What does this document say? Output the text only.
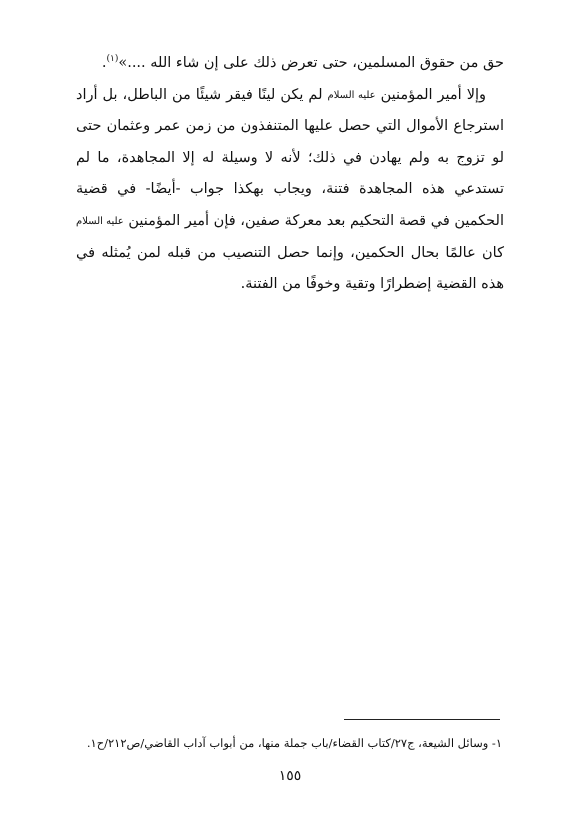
حق من حقوق المسلمين، حتى تعرض ذلك على إن شاء الله ....»$^{(١)}$.

وإلا أمير المؤمنين عليه السلام لم يكن لينًا فيقر شيئًا من الباطل، بل أراد استرجاع الأموال التي حصل عليها المتنفذون من زمن عمر وعثمان حتى لو تزوج به ولم يهادن في ذلك؛ لأنه لا وسيلة له إلا المجاهدة، ما لم تستدعي هذه المجاهدة فتنة، ويجاب بهكذا جواب -أيضًا- في قضية الحكمين في قصة التحكيم بعد معركة صفين، فإن أمير المؤمنين عليه السلام كان عالمًا بحال الحكمين، وإنما حصل التنصيب من قبله لمن يُمثله في هذه القضية إضطرارًا وتقية وخوفًا من الفتنة.

١- وسائل الشيعة، ج٢٧/كتاب القضاء/باب جملة منها، من أبواب آداب القاضي/ص٢١٢/ح١.
١٥٥
